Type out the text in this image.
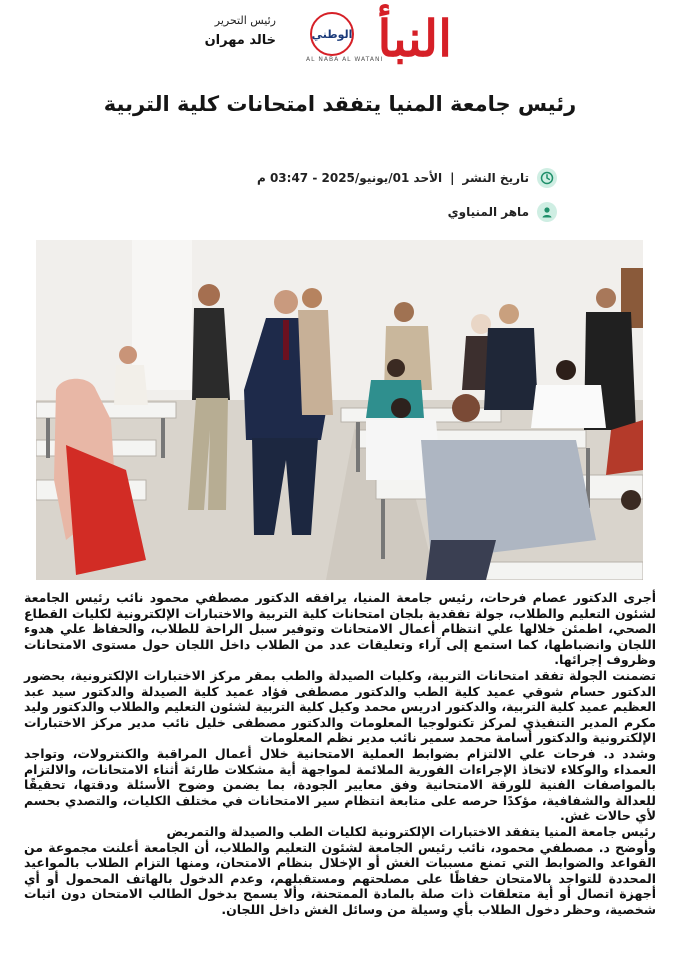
الوطني
AL NABA AL WATANI
النبأ
رئيس التحرير
خالد مهران
رئيس جامعة المنيا يتفقد امتحانات كلية التربية
تاريخ النشر
|
الأحد 01/يونيو/2025 - 03:47 م
ماهر المنياوي

أجرى الدكتور عصام فرحات، رئيس جامعة المنيا، يرافقه الدكتور مصطفي محمود نائب رئيس الجامعة لشئون التعليم والطلاب، جولة تفقدية بلجان امتحانات كلية التربية والاختبارات الإلكترونية لكليات القطاع الصحي، اطمئن خلالها علي انتظام أعمال الامتحانات وتوفير سبل الراحة للطلاب، والحفاظ علي هدوء اللجان وانضباطها، كما استمع إلى آراء وتعليقات عدد من الطلاب داخل اللجان حول مستوى الامتحانات وظروف إجرائها.

تضمنت الجولة تفقد امتحانات التربية، وكليات الصيدلة والطب بمقر مركز الاختبارات الإلكترونية، بحضور الدكتور حسام شوقي عميد كلية الطب والدكتور مصطفى فؤاد عميد كلية الصيدلة والدكتور سيد عبد العظيم عميد كلية التربية، والدكتور ادريس محمد وكيل كلية التربية لشئون التعليم والطلاب والدكتور وليد مكرم المدير التنفيذي لمركز تكنولوجيا المعلومات والدكتور مصطفى خليل نائب مدير مركز الاختبارات الإلكترونية والدكتور أسامة محمد سمير نائب مدير نظم المعلومات

وشدد د. فرحات علي الالتزام بضوابط العملية الامتحانية خلال أعمال المراقبة والكنترولات، وتواجد العمداء والوكلاء لاتخاذ الإجراءات الفورية الملائمة لمواجهة أية مشكلات طارئة أثناء الامتحانات، والالتزام بالمواصفات الفنية للورقة الامتحانية وفق معايير الجودة، بما يضمن وضوح الأسئلة ودقتها، تحقيقًا للعدالة والشفافية، مؤكدًا حرصه على متابعة انتظام سير الامتحانات في مختلف الكليات، والتصدي بحسم لأي حالات غش.

رئيس جامعة المنيا يتفقد الاختبارات الإلكترونية لكليات الطب والصيدلة والتمريض

وأوضح د. مصطفي محمود، نائب رئيس الجامعة لشئون التعليم والطلاب، أن الجامعة أعلنت مجموعة من القواعد والضوابط التي تمنع مسببات الغش أو الإخلال بنظام الامتحان، ومنها التزام الطلاب بالمواعيد المحددة للتواجد بالامتحان حفاظًا على مصلحتهم ومستقبلهم، وعدم الدخول بالهاتف المحمول أو أي أجهزة اتصال أو أية متعلقات ذات صلة بالمادة الممتحنة، وألا يسمح بدخول الطالب الامتحان دون اثبات شخصية، وحظر دخول الطلاب بأي وسيلة من وسائل الغش داخل اللجان.
